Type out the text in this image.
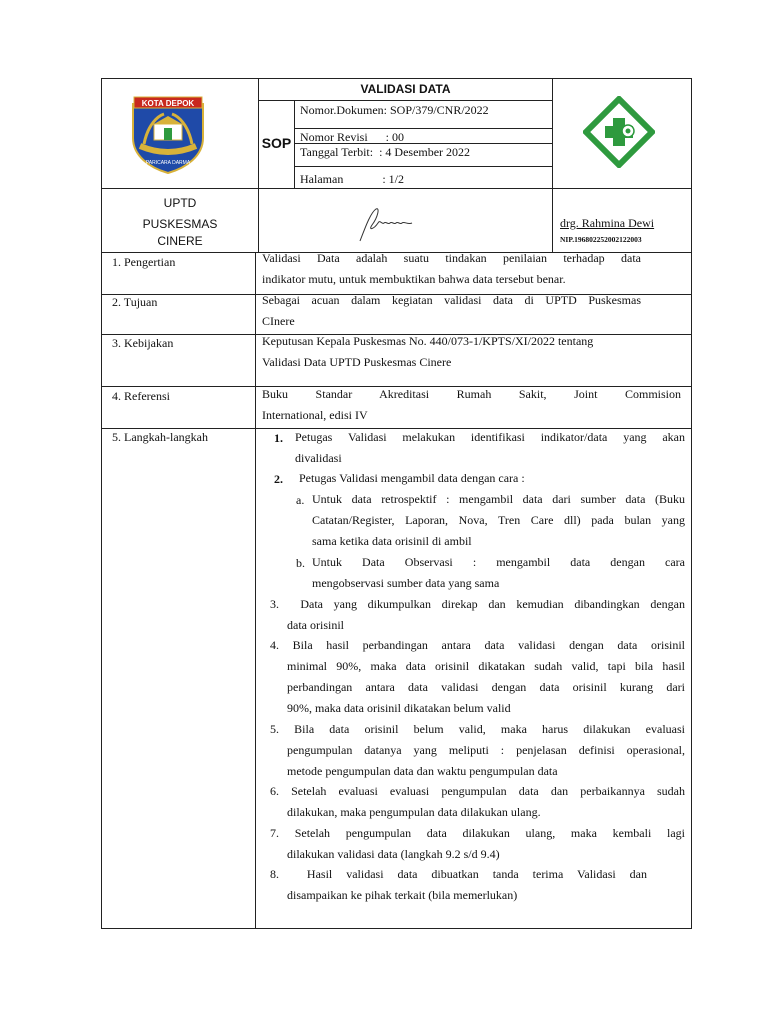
VALIDASI DATA
KOTA DEPOK
PARICARA DARMA
SOP
Nomor.Dokumen: SOP/379/CNR/2022
Nomor Revisi      : 00
Tanggal Terbit:  : 4 Desember 2022
Halaman             : 1/2
UPTD
PUSKESMAS
CINERE
drg. Rahmina Dewi
NIP.196802252002122003
1. Pengertian	Validasi Data adalah suatu tindakan penilaian terhadap data
indikator mutu, untuk membuktikan bahwa data tersebut benar.
2. Tujuan	Sebagai acuan dalam kegiatan validasi data di UPTD Puskesmas
CInere
3. Kebijakan	Keputusan Kepala Puskesmas No. 440/073-1/KPTS/XI/2022 tentang
Validasi Data UPTD Puskesmas Cinere
4. Referensi	Buku Standar Akreditasi Rumah Sakit, Joint Commision
International, edisi IV
5. Langkah-langkah	1. Petugas Validasi melakukan identifikasi indikator/data yang akan
divalidasi
2. Petugas Validasi mengambil data dengan cara :
a. Untuk data retrospektif : mengambil data dari sumber data (Buku
Catatan/Register, Laporan, Nova, Tren Care dll) pada bulan yang
sama ketika data orisinil di ambil
b. Untuk Data Observasi : mengambil data dengan cara
mengobservasi sumber data yang sama
3.  Data yang dikumpulkan direkap dan kemudian dibandingkan dengan
data orisinil
4. Bila hasil perbandingan antara data validasi dengan data orisinil
minimal 90%, maka data orisinil dikatakan sudah valid, tapi bila hasil
perbandingan antara data validasi dengan data orisinil kurang dari
90%, maka data orisinil dikatakan belum valid
5. Bila data orisinil belum valid, maka harus dilakukan evaluasi
pengumpulan datanya yang meliputi : penjelasan definisi operasional,
metode pengumpulan data dan waktu pengumpulan data
6. Setelah evaluasi evaluasi pengumpulan data dan perbaikannya sudah
dilakukan, maka pengumpulan data dilakukan ulang.
7. Setelah pengumpulan data dilakukan ulang, maka kembali lagi
dilakukan validasi data (langkah 9.2 s/d 9.4)
8.  Hasil validasi data dibuatkan tanda terima Validasi dan
disampaikan ke pihak terkait (bila memerlukan)
